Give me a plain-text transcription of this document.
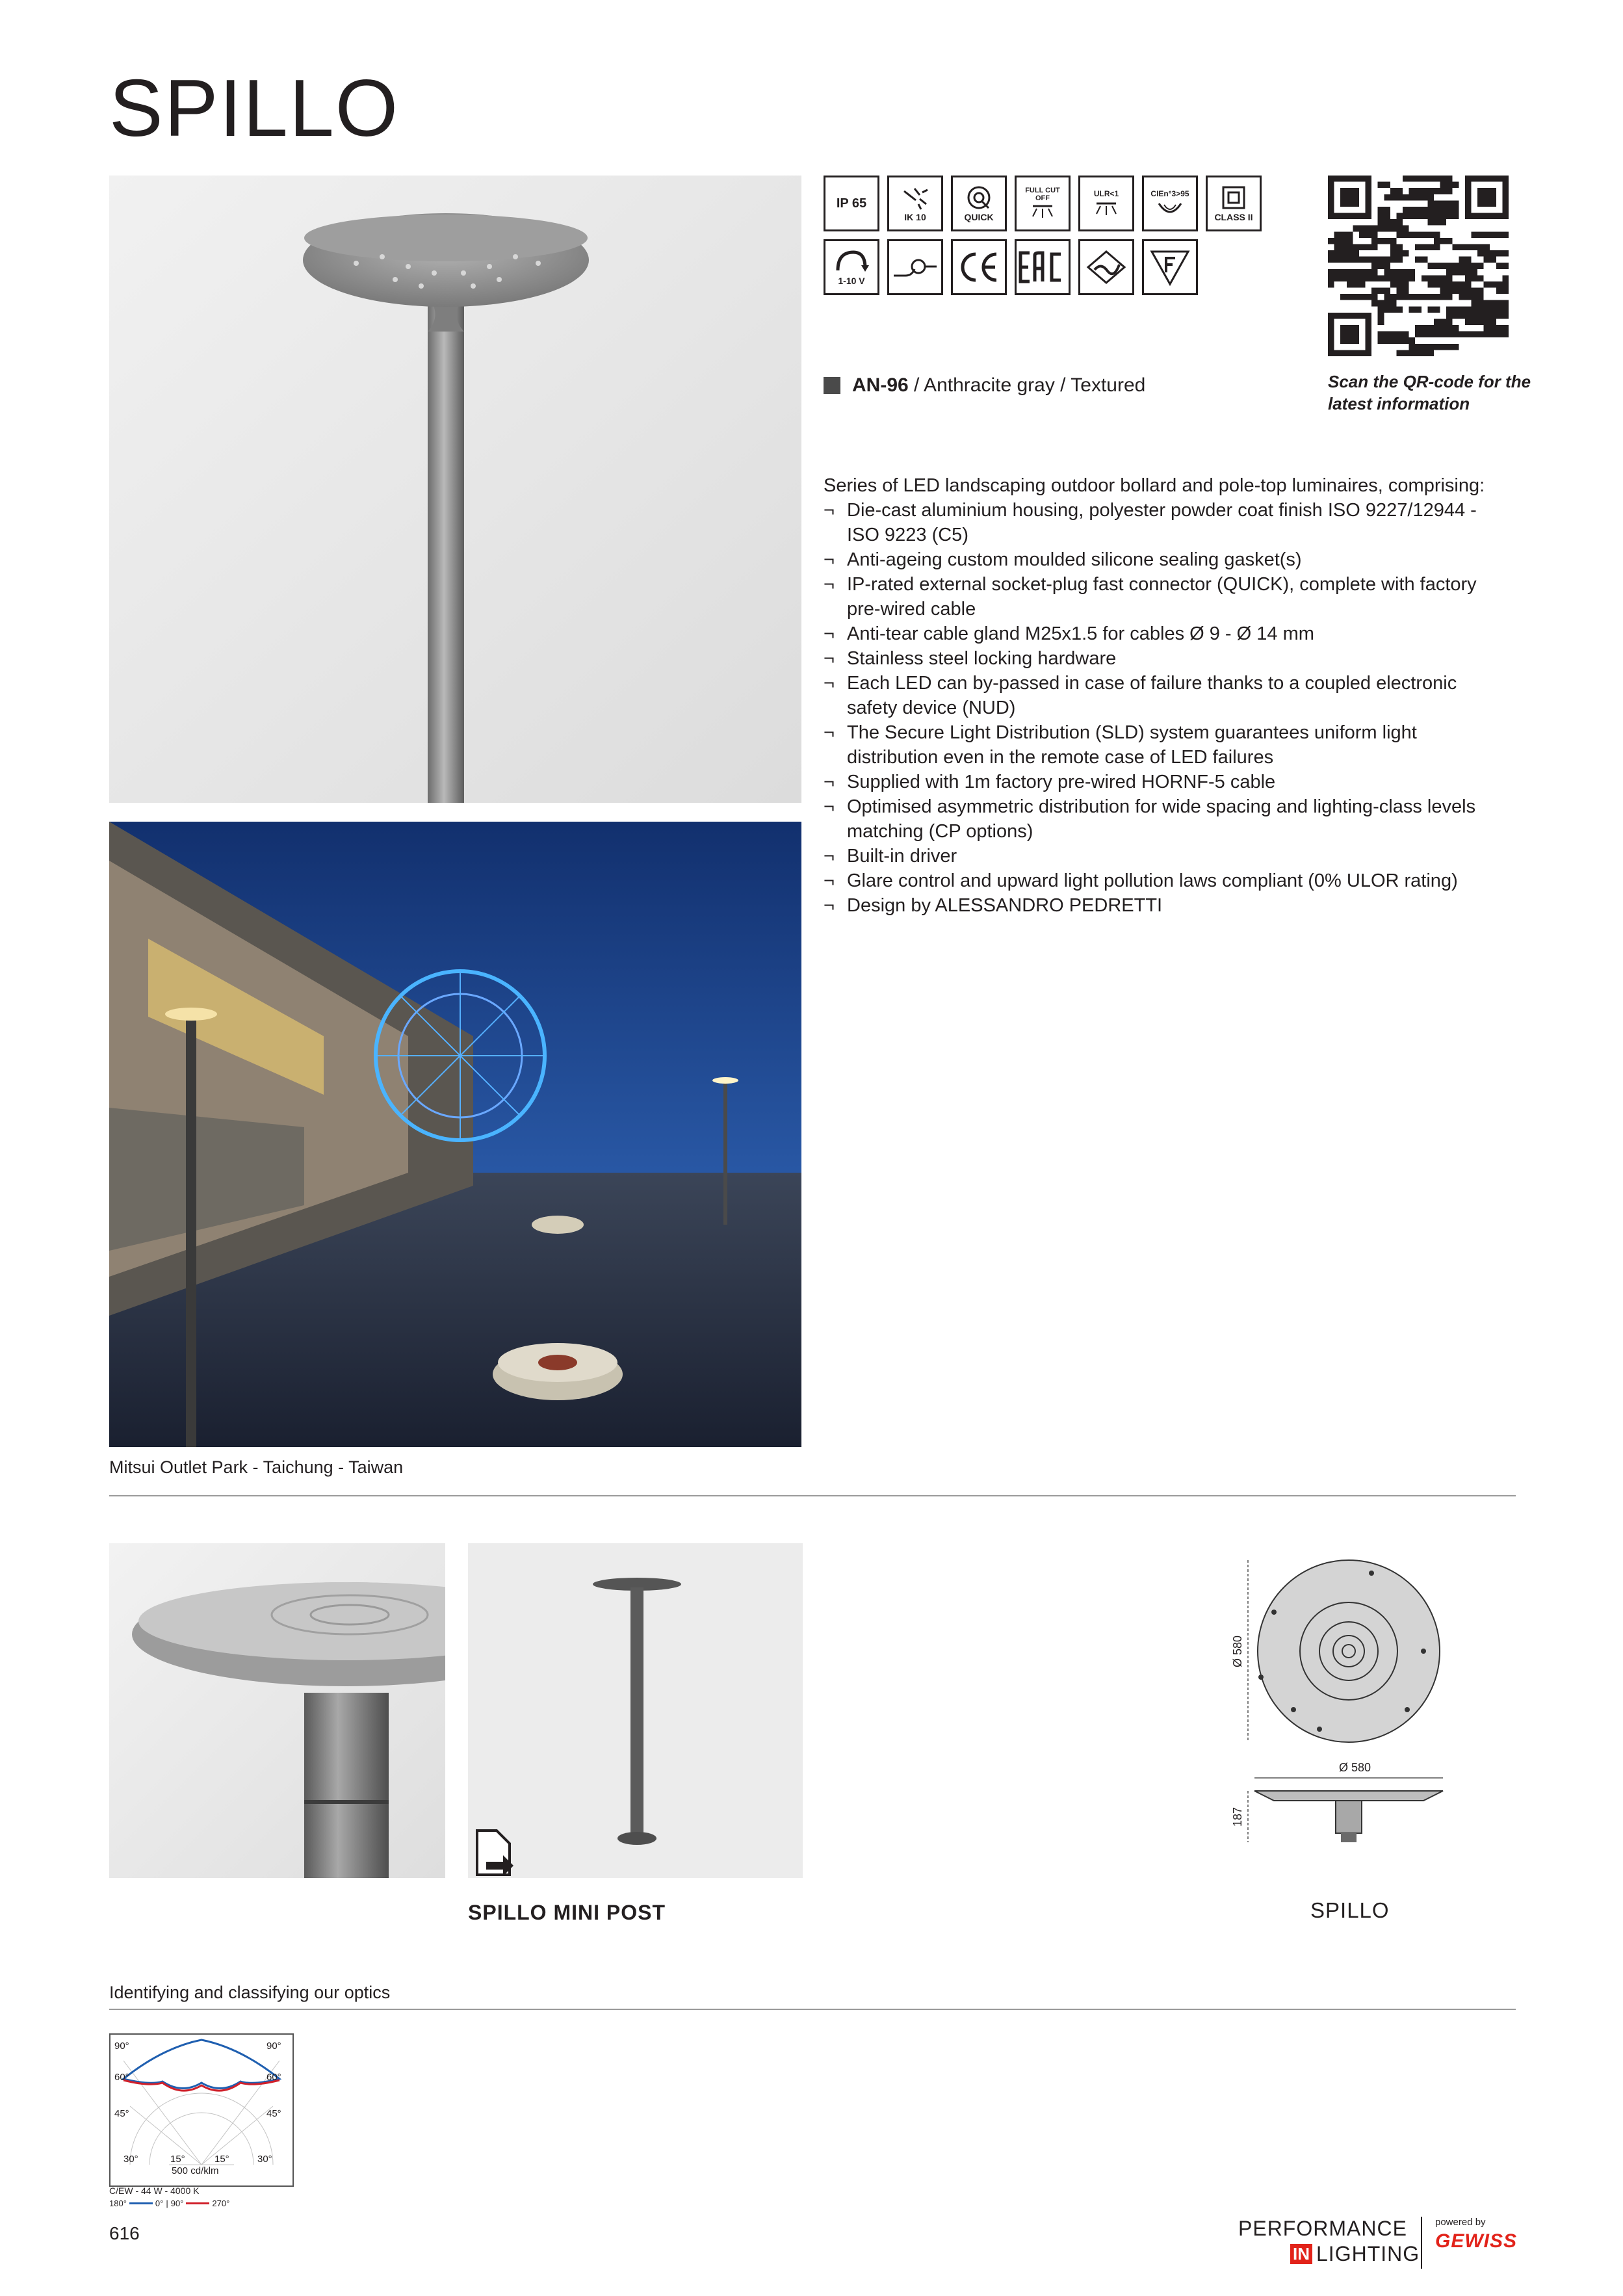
SPILLO
IP 65
IK 10	QUICK
FULL CUT OFF	ULR<1	CIEn°3>95
CLASS II
1-10 V
Scan the QR-code for the latest information
AN-96 / Anthracite gray / Textured
Series of LED landscaping outdoor bollard and pole-top luminaires, comprising:
¬ Die-cast aluminium housing, polyester powder coat finish ISO 9227/12944 - ISO 9223 (C5)
¬ Anti-ageing custom moulded silicone sealing gasket(s)
¬ IP-rated external socket-plug fast connector (QUICK), complete with factory pre-wired cable
¬ Anti-tear cable gland M25x1.5 for cables Ø 9 - Ø 14 mm
¬ Stainless steel locking hardware
¬ Each LED can by-passed in case of failure thanks to a coupled electronic safety device (NUD)
¬ The Secure Light Distribution (SLD) system guarantees uniform light distribution even in the remote case of LED failures
¬ Supplied with 1m factory pre-wired HORNF-5 cable
¬ Optimised asymmetric distribution for wide spacing and lighting-class levels matching (CP options)
¬ Built-in driver
¬ Glare control and upward light pollution laws compliant (0% ULOR rating)
¬ Design by ALESSANDRO PEDRETTI
Mitsui Outlet Park - Taichung - Taiwan
SPILLO MINI POST
Ø 580
Ø 580
187
SPILLO
Identifying and classifying our optics
90°	90°
60°	60°
45°	45°
30°	15°	15°	30°
500 cd/klm
C/EW - 44 W - 4000 K
180°	0° | 90°	270°
616	PERFORMANCE
IN LIGHTING
powered by
GEWISS
